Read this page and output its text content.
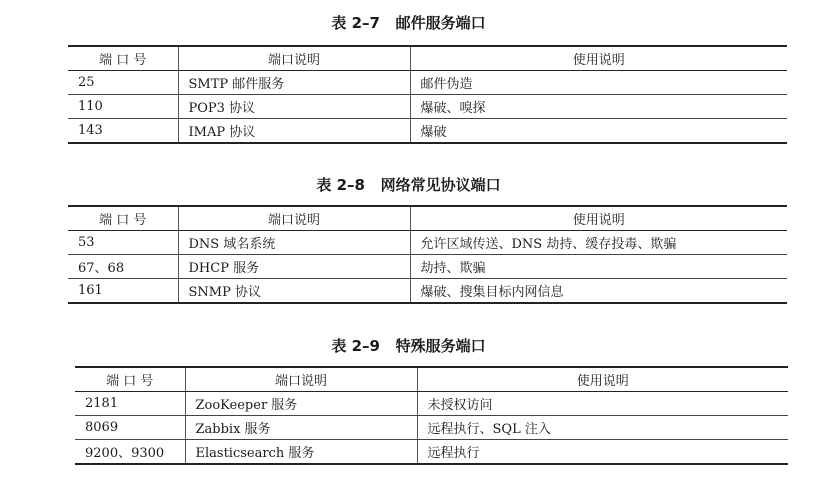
表 2–7   邮件服务端口
端 口 号	端口说明	使用说明
25	SMTP 邮件服务	邮件伪造
110	POP3 协议	爆破、嗅探
143	IMAP 协议	爆破
表 2–8   网络常见协议端口
端 口 号	端口说明	使用说明
53	DNS 域名系统	允许区域传送、DNS 劫持、缓存投毒、欺骗
67、68	DHCP 服务	劫持、欺骗
161	SNMP 协议	爆破、搜集目标内网信息
表 2–9   特殊服务端口
端 口 号	端口说明	使用说明
2181	ZooKeeper 服务	未授权访问
8069	Zabbix 服务	远程执行、SQL 注入
9200、9300	Elasticsearch 服务	远程执行
